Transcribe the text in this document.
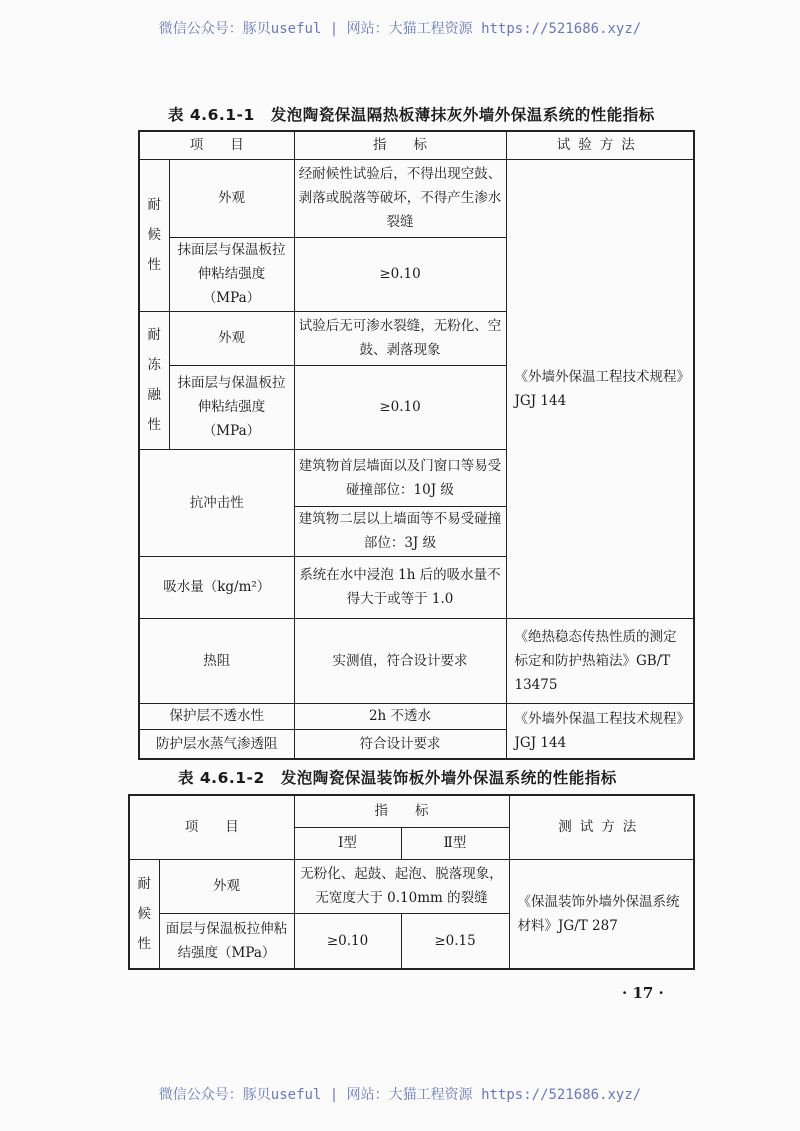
微信公众号：豚贝useful | 网站：大猫工程资源 https://521686.xyz/
表 4.6.1-1　发泡陶瓷保温隔热板薄抹灰外墙外保温系统的性能指标
项　　目		指　　标	试验方法
耐候性	外观	经耐候性试验后，不得出现空鼓、剥落或脱落等破坏，不得产生渗水裂缝	《外墙外保温工程技术规程》JGJ 144
	抹面层与保温板拉伸粘结强度（MPa）	≥0.10	
耐冻融性	外观	试验后无可渗水裂缝，无粉化、空鼓、剥落现象	
	抹面层与保温板拉伸粘结强度（MPa）	≥0.10	
抗冲击性		建筑物首层墙面以及门窗口等易受碰撞部位：10J 级	
		建筑物二层以上墙面等不易受碰撞部位：3J 级	
吸水量（kg/m²）		系统在水中浸泡 1h 后的吸水量不得大于或等于 1.0	
热阻		实测值，符合设计要求	《绝热稳态传热性质的测定　标定和防护热箱法》GB/T 13475
保护层不透水性		2h 不透水	《外墙外保温工程技术规程》JGJ 144
防护层水蒸气渗透阻		符合设计要求	
表 4.6.1-2　发泡陶瓷保温装饰板外墙外保温系统的性能指标
项　　目		指　　标		测试方法
		Ⅰ型	Ⅱ型	
耐候性	外观	无粉化、起鼓、起泡、脱落现象，无宽度大于 0.10mm 的裂缝		《保温装饰外墙外保温系统材料》JG/T 287
	面层与保温板拉伸粘结强度（MPa）	≥0.10	≥0.15	
· 17 ·
微信公众号：豚贝useful | 网站：大猫工程资源 https://521686.xyz/
